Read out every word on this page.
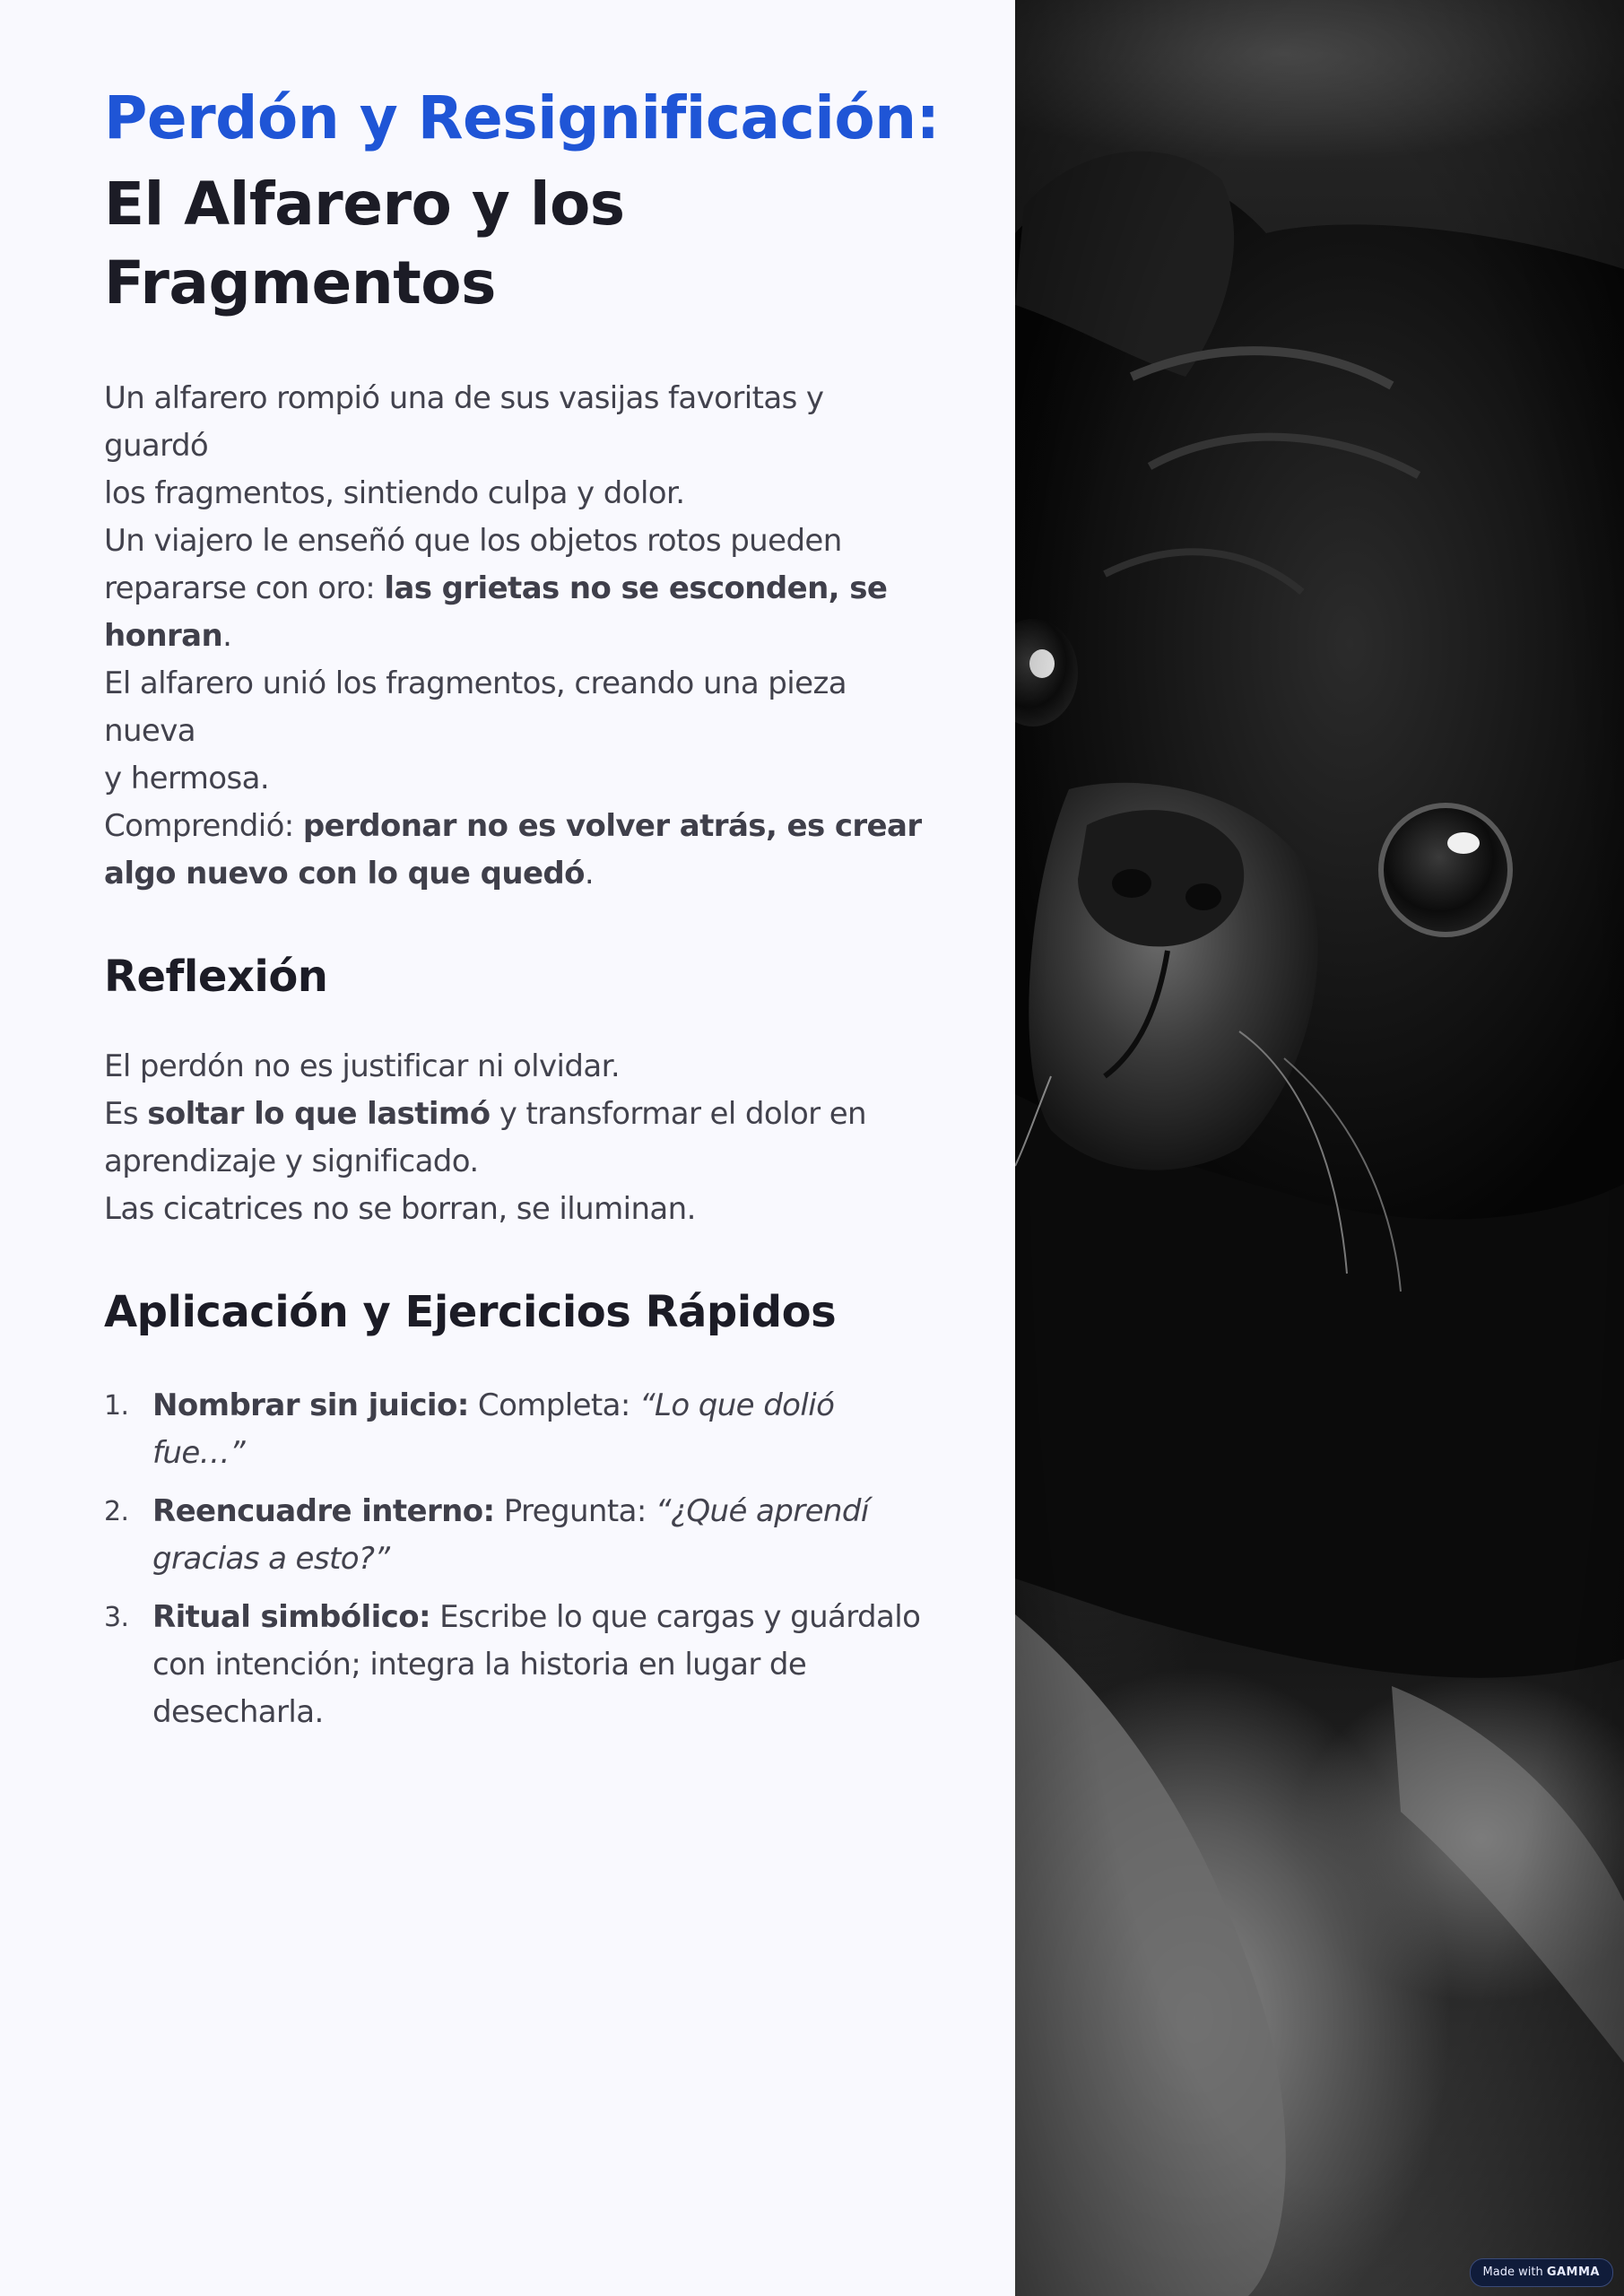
Perdón y Resignificación:
El Alfarero y los
Fragmentos

Un alfarero rompió una de sus vasijas favoritas y guardó
los fragmentos, sintiendo culpa y dolor.
Un viajero le enseñó que los objetos rotos pueden
repararse con oro: las grietas no se esconden, se
honran.
El alfarero unió los fragmentos, creando una pieza nueva
y hermosa.
Comprendió: perdonar no es volver atrás, es crear
algo nuevo con lo que quedó.

Reflexión

El perdón no es justificar ni olvidar.
Es soltar lo que lastimó y transformar el dolor en
aprendizaje y significado.
Las cicatrices no se borran, se iluminan.

Aplicación y Ejercicios Rápidos
1. Nombrar sin juicio: Completa: “Lo que dolió fue…”
2. Reencuadre interno: Pregunta: “¿Qué aprendí
gracias a esto?”
3. Ritual simbólico: Escribe lo que cargas y guárdalo
con intención; integra la historia en lugar de
desecharla.
Made with GAMMA
